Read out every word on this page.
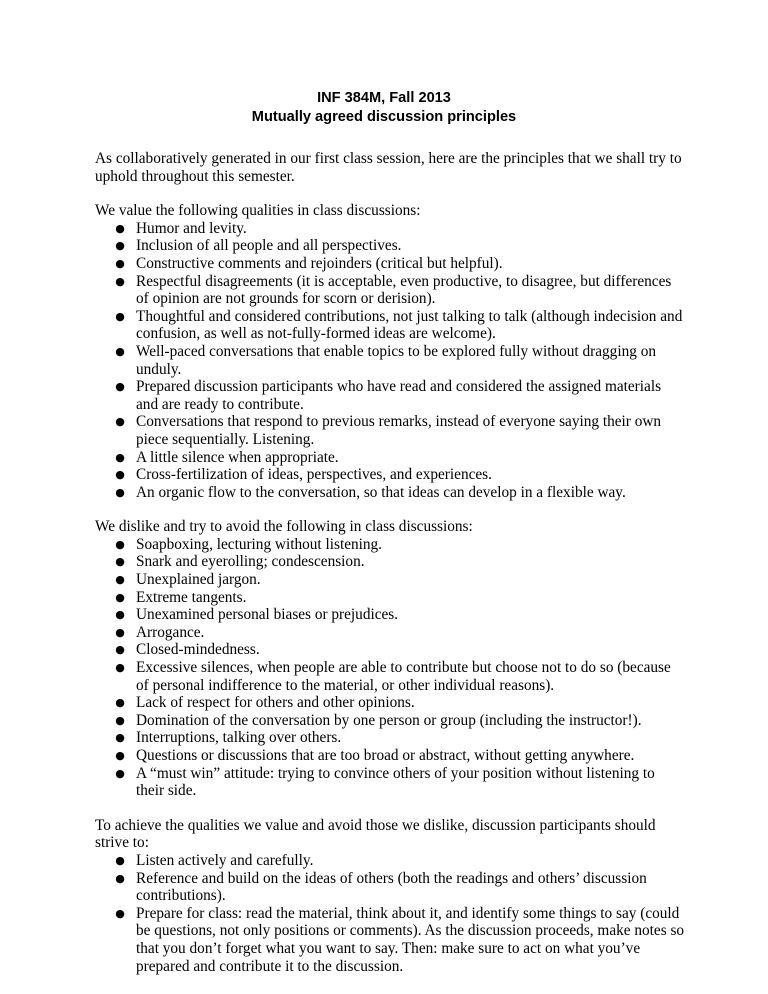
INF 384M, Fall 2013
Mutually agreed discussion principles

As collaboratively generated in our first class session, here are the principles that we shall try to uphold throughout this semester.

We value the following qualities in class discussions:

● Humor and levity.
● Inclusion of all people and all perspectives.
● Constructive comments and rejoinders (critical but helpful).
● Respectful disagreements (it is acceptable, even productive, to disagree, but differences of opinion are not grounds for scorn or derision).
● Thoughtful and considered contributions, not just talking to talk (although indecision and confusion, as well as not-fully-formed ideas are welcome).
● Well-paced conversations that enable topics to be explored fully without dragging on unduly.
● Prepared discussion participants who have read and considered the assigned materials and are ready to contribute.
● Conversations that respond to previous remarks, instead of everyone saying their own piece sequentially. Listening.
● A little silence when appropriate.
● Cross-fertilization of ideas, perspectives, and experiences.
● An organic flow to the conversation, so that ideas can develop in a flexible way.

We dislike and try to avoid the following in class discussions:

● Soapboxing, lecturing without listening.
● Snark and eyerolling; condescension.
● Unexplained jargon.
● Extreme tangents.
● Unexamined personal biases or prejudices.
● Arrogance.
● Closed-mindedness.
● Excessive silences, when people are able to contribute but choose not to do so (because of personal indifference to the material, or other individual reasons).
● Lack of respect for others and other opinions.
● Domination of the conversation by one person or group (including the instructor!).
● Interruptions, talking over others.
● Questions or discussions that are too broad or abstract, without getting anywhere.
● A “must win” attitude: trying to convince others of your position without listening to their side.

To achieve the qualities we value and avoid those we dislike, discussion participants should strive to:

● Listen actively and carefully.
● Reference and build on the ideas of others (both the readings and others’ discussion contributions).
● Prepare for class: read the material, think about it, and identify some things to say (could be questions, not only positions or comments). As the discussion proceeds, make notes so that you don’t forget what you want to say. Then: make sure to act on what you’ve prepared and contribute it to the discussion.
